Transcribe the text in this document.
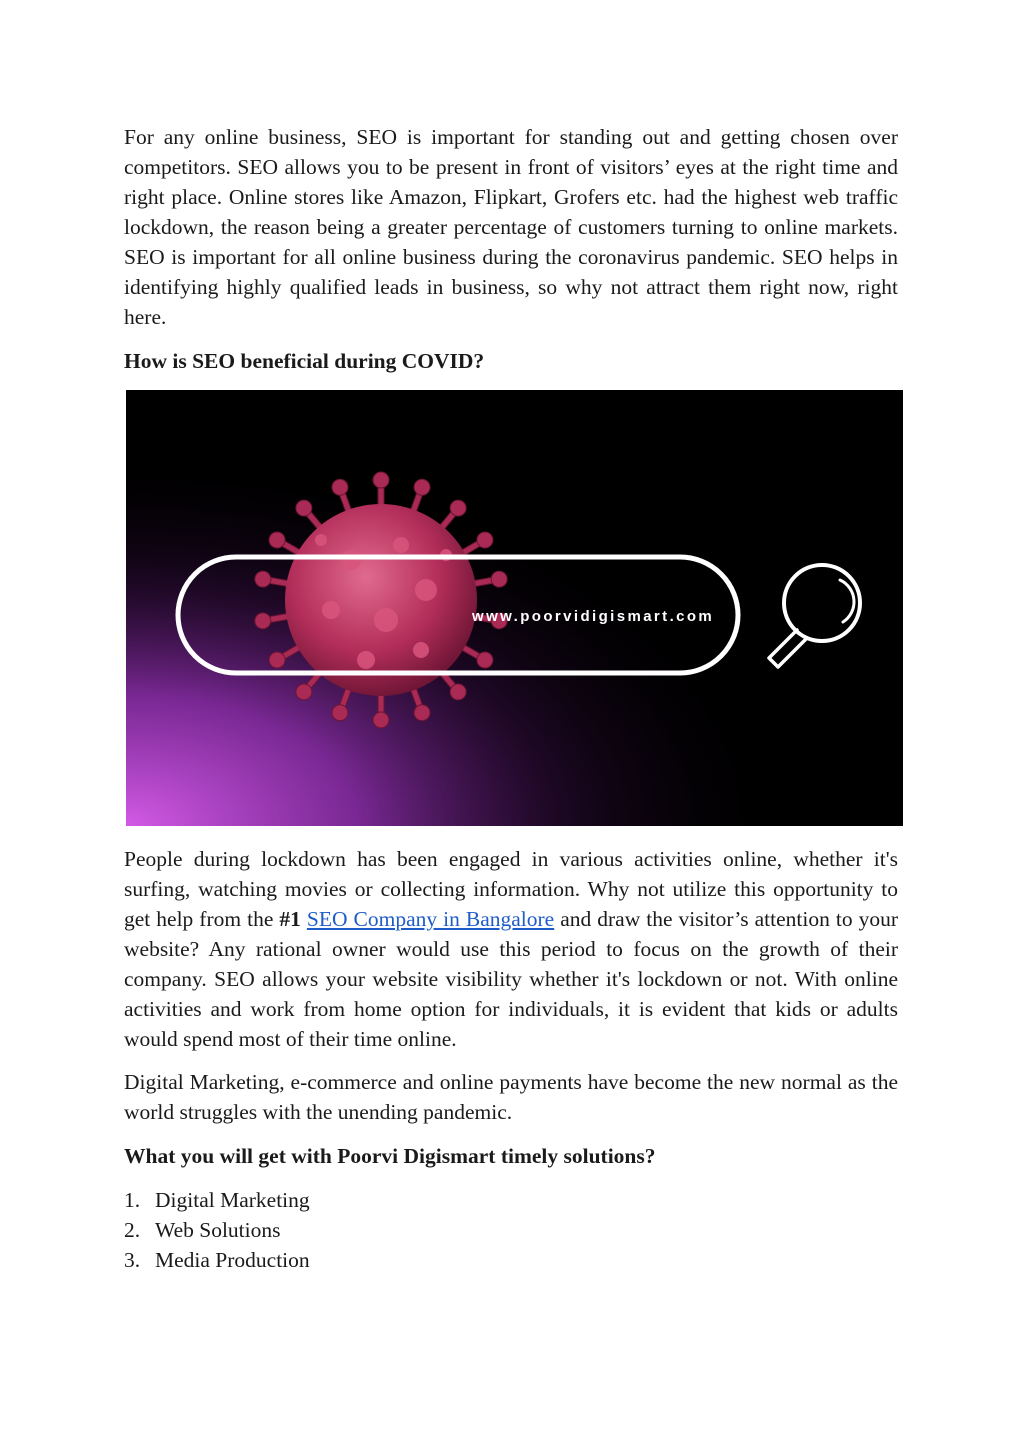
For any online business, SEO is important for standing out and getting chosen over competitors. SEO allows you to be present in front of visitors’ eyes at the right time and right place. Online stores like Amazon, Flipkart, Grofers etc. had the highest web traffic lockdown, the reason being a greater percentage of customers turning to online markets. SEO is important for all online business during the coronavirus pandemic. SEO helps in identifying highly qualified leads in business, so why not attract them right now, right here.

How is SEO beneficial during COVID?
www.poorvidigismart.com

People during lockdown has been engaged in various activities online, whether it's surfing, watching movies or collecting information. Why not utilize this opportunity to get help from the #1 SEO Company in Bangalore and draw the visitor’s attention to your website? Any rational owner would use this period to focus on the growth of their company. SEO allows your website visibility whether it's lockdown or not. With online activities and work from home option for individuals, it is evident that kids or adults would spend most of their time online.

Digital Marketing, e-commerce and online payments have become the new normal as the world struggles with the unending pandemic.

What you will get with Poorvi Digismart timely solutions?
1. Digital Marketing
2. Web Solutions
3. Media Production
